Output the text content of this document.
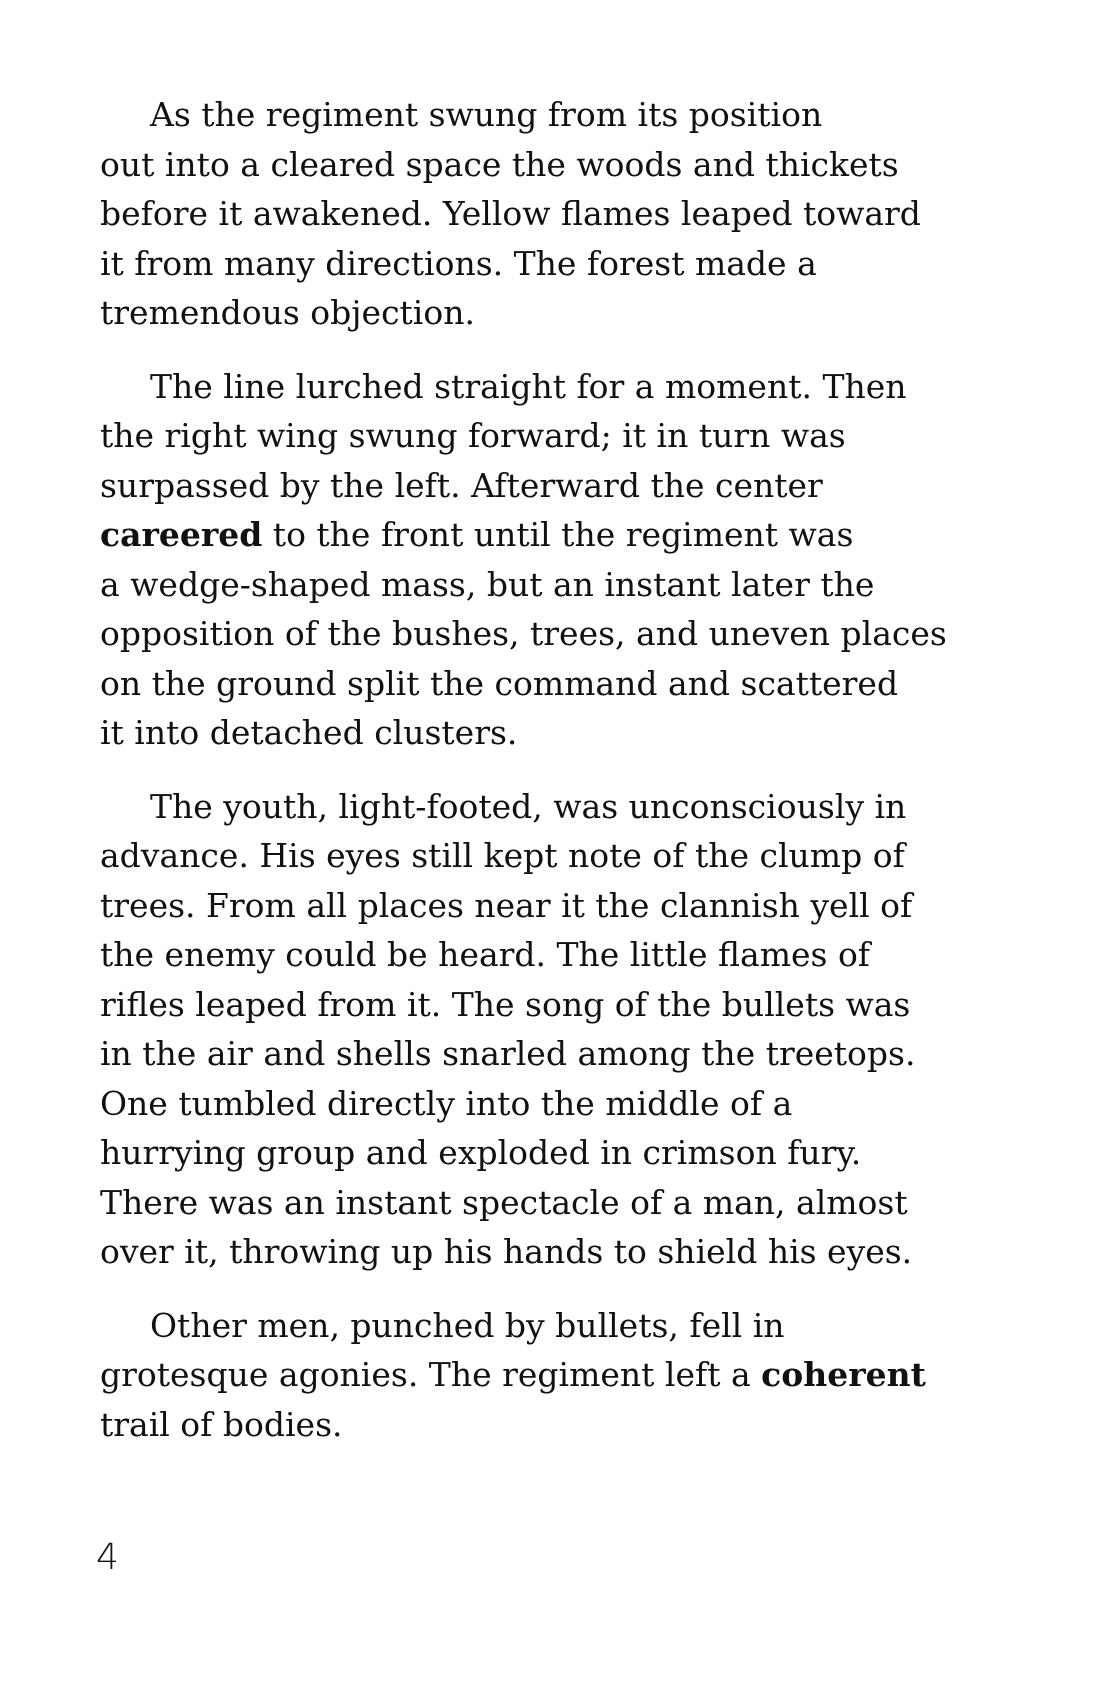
As the regiment swung from its position
out into a cleared space the woods and thickets
before it awakened. Yellow flames leaped toward
it from many directions. The forest made a
tremendous objection.

The line lurched straight for a moment. Then
the right wing swung forward; it in turn was
surpassed by the left. Afterward the center
careered to the front until the regiment was
a wedge-shaped mass, but an instant later the
opposition of the bushes, trees, and uneven places
on the ground split the command and scattered
it into detached clusters.

The youth, light-footed, was unconsciously in
advance. His eyes still kept note of the clump of
trees. From all places near it the clannish yell of
the enemy could be heard. The little flames of
rifles leaped from it. The song of the bullets was
in the air and shells snarled among the treetops.
One tumbled directly into the middle of a
hurrying group and exploded in crimson fury.
There was an instant spectacle of a man, almost
over it, throwing up his hands to shield his eyes.

Other men, punched by bullets, fell in
grotesque agonies. The regiment left a coherent
trail of bodies.

4
